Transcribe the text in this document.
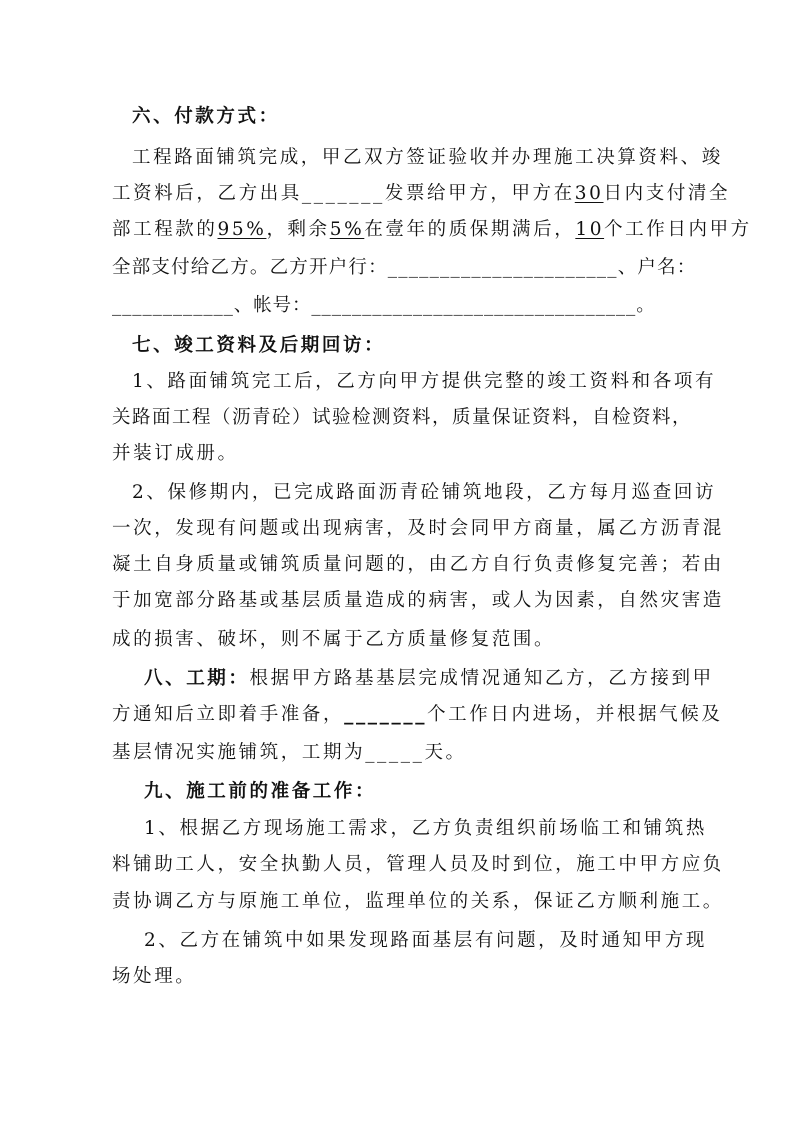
六、付款方式：
工程路面铺筑完成，甲乙双方签证验收并办理施工决算资料、竣
工资料后，乙方出具_______发票给甲方，甲方在30日内支付清全
部工程款的95%，剩余5%在壹年的质保期满后，10个工作日内甲方
全部支付给乙方。乙方开户行：______________________、户名：
____________、帐号：________________________________。
七、竣工资料及后期回访：
1、路面铺筑完工后，乙方向甲方提供完整的竣工资料和各项有
关路面工程（沥青砼）试验检测资料，质量保证资料，自检资料，
并装订成册。
2、保修期内，已完成路面沥青砼铺筑地段，乙方每月巡查回访
一次，发现有问题或出现病害，及时会同甲方商量，属乙方沥青混
凝土自身质量或铺筑质量问题的，由乙方自行负责修复完善；若由
于加宽部分路基或基层质量造成的病害，或人为因素，自然灾害造
成的损害、破坏，则不属于乙方质量修复范围。
八、工期：根据甲方路基基层完成情况通知乙方，乙方接到甲
方通知后立即着手准备，_______个工作日内进场，并根据气候及
基层情况实施铺筑，工期为_____天。
九、施工前的准备工作：
1、根据乙方现场施工需求，乙方负责组织前场临工和铺筑热
料铺助工人，安全执勤人员，管理人员及时到位，施工中甲方应负
责协调乙方与原施工单位，监理单位的关系，保证乙方顺利施工。
2、乙方在铺筑中如果发现路面基层有问题，及时通知甲方现
场处理。
